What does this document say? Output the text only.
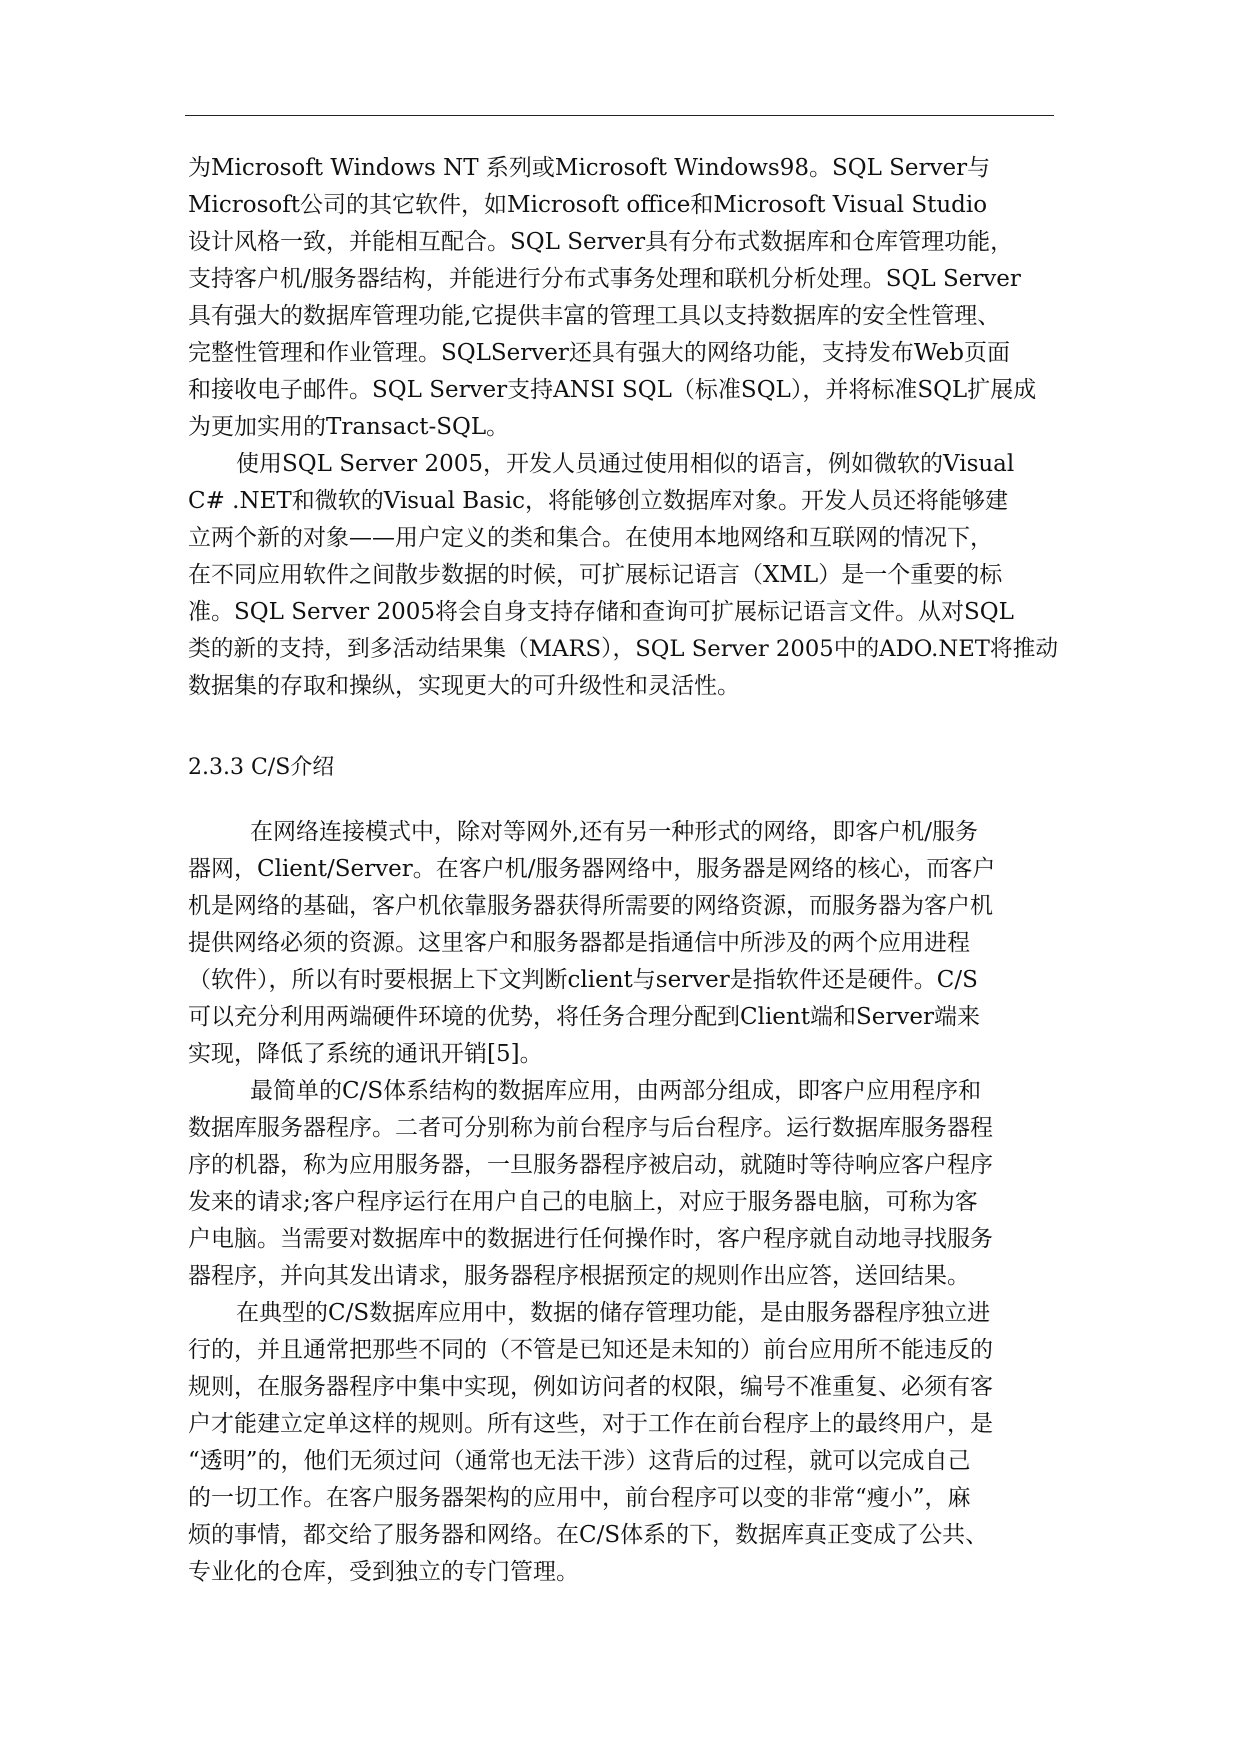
为Microsoft Windows NT 系列或Microsoft Windows98。SQL Server与
Microsoft公司的其它软件，如Microsoft office和Microsoft Visual Studio
设计风格一致，并能相互配合。SQL Server具有分布式数据库和仓库管理功能，
支持客户机/服务器结构，并能进行分布式事务处理和联机分析处理。SQL Server
具有强大的数据库管理功能,它提供丰富的管理工具以支持数据库的安全性管理、
完整性管理和作业管理。SQLServer还具有强大的网络功能，支持发布Web页面
和接收电子邮件。SQL Server支持ANSI SQL（标准SQL），并将标准SQL扩展成
为更加实用的Transact-SQL。
使用SQL Server 2005，开发人员通过使用相似的语言，例如微软的Visual
C# .NET和微软的Visual Basic，将能够创立数据库对象。开发人员还将能够建
立两个新的对象——用户定义的类和集合。在使用本地网络和互联网的情况下，
在不同应用软件之间散步数据的时候，可扩展标记语言（XML）是一个重要的标
准。SQL Server 2005将会自身支持存储和查询可扩展标记语言文件。从对SQL
类的新的支持，到多活动结果集（MARS），SQL Server 2005中的ADO.NET将推动
数据集的存取和操纵，实现更大的可升级性和灵活性。
2.3.3 C/S介绍
在网络连接模式中，除对等网外,还有另一种形式的网络，即客户机/服务
器网，Client/Server。在客户机/服务器网络中，服务器是网络的核心，而客户
机是网络的基础，客户机依靠服务器获得所需要的网络资源，而服务器为客户机
提供网络必须的资源。这里客户和服务器都是指通信中所涉及的两个应用进程
（软件），所以有时要根据上下文判断client与server是指软件还是硬件。C/S
可以充分利用两端硬件环境的优势，将任务合理分配到Client端和Server端来
实现，降低了系统的通讯开销[5]。
最简单的C/S体系结构的数据库应用，由两部分组成，即客户应用程序和
数据库服务器程序。二者可分别称为前台程序与后台程序。运行数据库服务器程
序的机器，称为应用服务器，一旦服务器程序被启动，就随时等待响应客户程序
发来的请求;客户程序运行在用户自己的电脑上，对应于服务器电脑，可称为客
户电脑。当需要对数据库中的数据进行任何操作时，客户程序就自动地寻找服务
器程序，并向其发出请求，服务器程序根据预定的规则作出应答，送回结果。
在典型的C/S数据库应用中，数据的储存管理功能，是由服务器程序独立进
行的，并且通常把那些不同的（不管是已知还是未知的）前台应用所不能违反的
规则，在服务器程序中集中实现，例如访问者的权限，编号不准重复、必须有客
户才能建立定单这样的规则。所有这些，对于工作在前台程序上的最终用户，是
“透明”的，他们无须过问（通常也无法干涉）这背后的过程，就可以完成自己
的一切工作。在客户服务器架构的应用中，前台程序可以变的非常“瘦小”，麻
烦的事情，都交给了服务器和网络。在C/S体系的下，数据库真正变成了公共、
专业化的仓库，受到独立的专门管理。
